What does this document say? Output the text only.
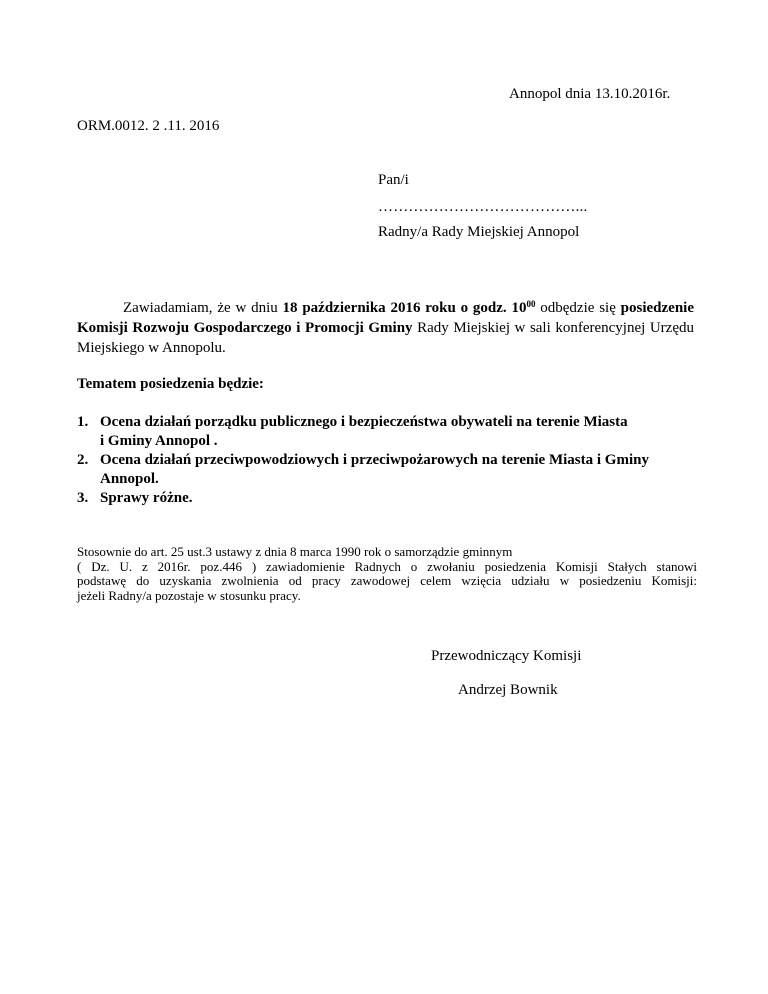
Annopol dnia 13.10.2016r.
ORM.0012. 2 .11. 2016
Pan/i
…………………………………...
Radny/a Rady Miejskiej Annopol
Zawiadamiam, że w dniu 18 października 2016 roku o godz. $10^{00}$ odbędzie się posiedzenie Komisji Rozwoju Gospodarczego i Promocji Gminy Rady Miejskiej w sali konferencyjnej Urzędu Miejskiego w Annopolu.
Tematem posiedzenia będzie:
1. Ocena działań porządku publicznego i bezpieczeństwa obywateli na terenie Miasta
i Gminy Annopol .
2. Ocena działań przeciwpowodziowych i przeciwpożarowych na terenie Miasta i Gminy
Annopol.
3. Sprawy różne.
Stosownie do art. 25 ust.3 ustawy z dnia 8 marca 1990 rok o samorządzie gminnym
( Dz. U. z 2016r. poz.446 ) zawiadomienie Radnych o zwołaniu posiedzenia Komisji Stałych stanowi
podstawę do uzyskania zwolnienia od pracy zawodowej celem wzięcia udziału w posiedzeniu Komisji:
jeżeli Radny/a pozostaje w stosunku pracy.
Przewodniczący Komisji
Andrzej Bownik
